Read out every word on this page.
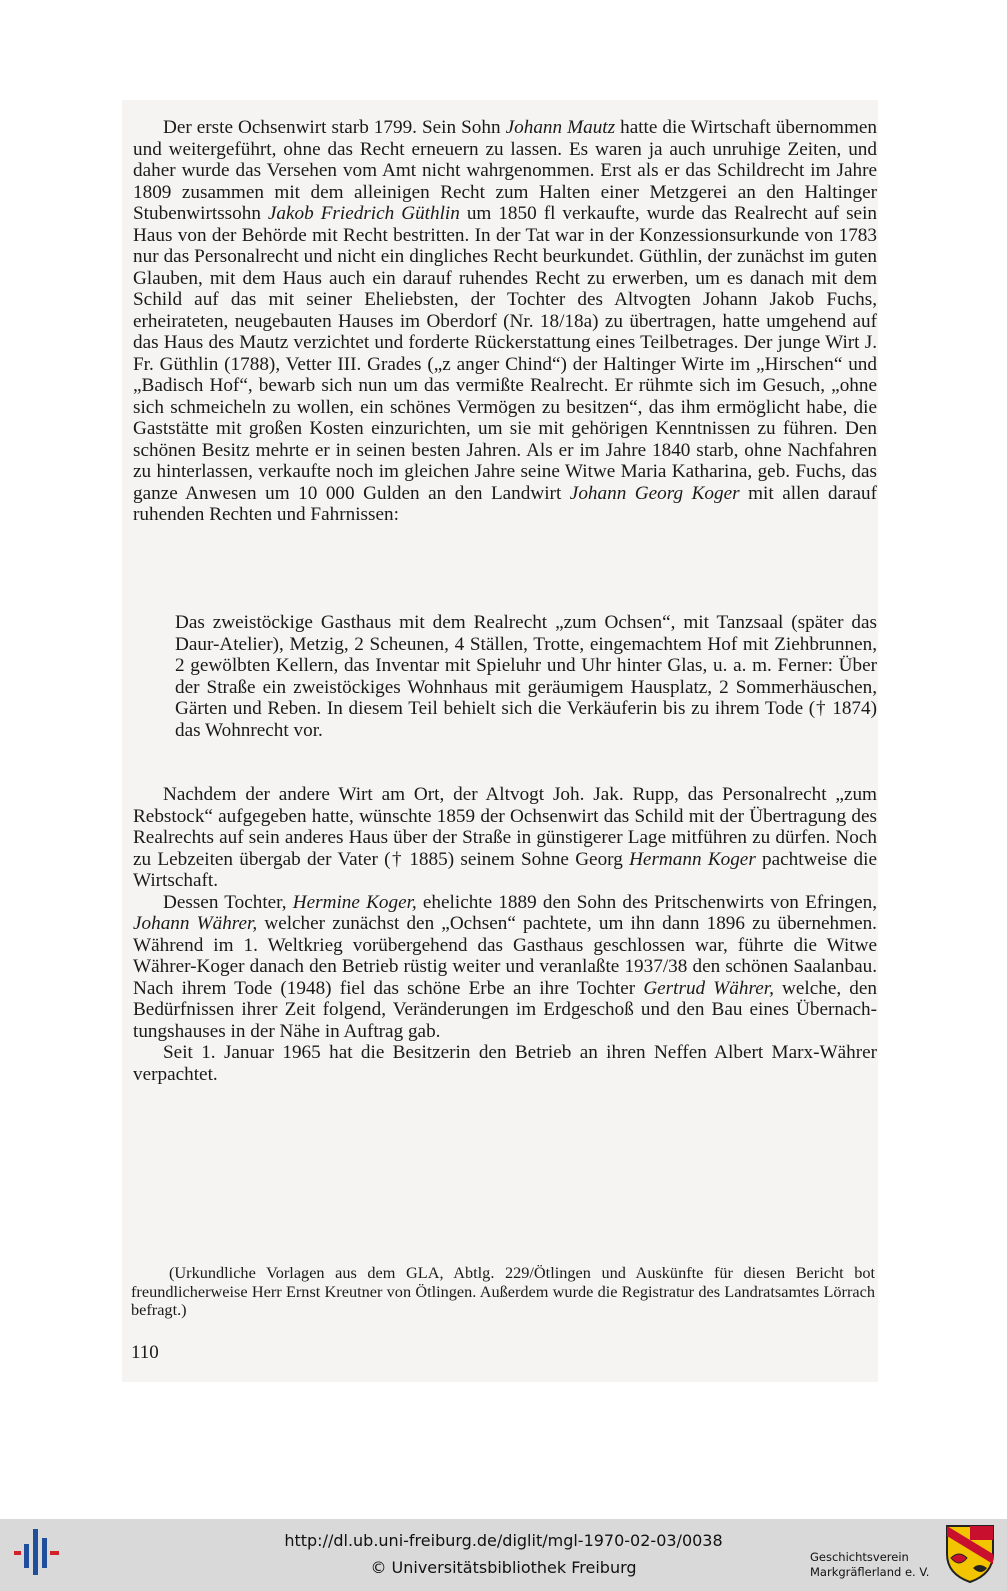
Der erste Ochsenwirt starb 1799. Sein Sohn Johann Mautz hatte die Wirtschaft übernommen und weitergeführt, ohne das Recht erneuern zu lassen. Es waren ja auch unruhige Zeiten, und daher wurde das Versehen vom Amt nicht wahrgenommen. Erst als er das Schildrecht im Jahre 1809 zusammen mit dem alleinigen Recht zum Halten einer Metzgerei an den Haltinger Stubenwirtssohn Jakob Friedrich Güthlin um 1850 fl verkaufte, wurde das Realrecht auf sein Haus von der Behörde mit Recht bestritten. In der Tat war in der Konzessionsurkunde von 1783 nur das Personalrecht und nicht ein dingliches Recht beurkundet. Güthlin, der zunächst im guten Glauben, mit dem Haus auch ein darauf ruhendes Recht zu erwerben, um es danach mit dem Schild auf das mit seiner Eheliebsten, der Tochter des Altvogten Johann Jakob Fuchs, erheirateten, neugebauten Hauses im Oberdorf (Nr. 18/18a) zu übertragen, hatte umgehend auf das Haus des Mautz verzichtet und forderte Rückerstattung eines Teilbetrages. Der junge Wirt J. Fr. Güthlin (1788), Vetter III. Grades („z anger Chind“) der Haltinger Wirte im „Hirschen“ und „Badisch Hof“, bewarb sich nun um das vermißte Realrecht. Er rühmte sich im Gesuch, „ohne sich schmeicheln zu wollen, ein schönes Vermögen zu besitzen“, das ihm ermöglicht habe, die Gaststätte mit großen Kosten einzurichten, um sie mit gehörigen Kenntnissen zu führen. Den schönen Besitz mehrte er in seinen besten Jahren. Als er im Jahre 1840 starb, ohne Nachfahren zu hinterlassen, verkaufte noch im gleichen Jahre seine Witwe Maria Katharina, geb. Fuchs, das ganze Anwesen um 10 000 Gulden an den Landwirt Johann Georg Koger mit allen darauf ruhenden Rechten und Fahrnissen:

Das zweistöckige Gasthaus mit dem Realrecht „zum Ochsen“, mit Tanzsaal (später das Daur-Atelier), Metzig, 2 Scheunen, 4 Ställen, Trotte, eingemachtem Hof mit Ziehbrunnen, 2 gewölbten Kellern, das Inventar mit Spieluhr und Uhr hinter Glas, u. a. m. Ferner: Über der Straße ein zweistöckiges Wohnhaus mit geräumigem Hausplatz, 2 Sommerhäuschen, Gärten und Reben. In diesem Teil behielt sich die Verkäuferin bis zu ihrem Tode († 1874) das Wohnrecht vor.

Nachdem der andere Wirt am Ort, der Altvogt Joh. Jak. Rupp, das Personalrecht „zum Rebstock“ aufgegeben hatte, wünschte 1859 der Ochsenwirt das Schild mit der Übertragung des Realrechts auf sein anderes Haus über der Straße in günstigerer Lage mitführen zu dürfen. Noch zu Lebzeiten übergab der Vater († 1885) seinem Sohne Georg Hermann Koger pachtweise die Wirtschaft.

Dessen Tochter, Hermine Koger, ehelichte 1889 den Sohn des Pritschenwirts von Efringen, Johann Währer, welcher zunächst den „Ochsen“ pachtete, um ihn dann 1896 zu übernehmen. Während im 1. Weltkrieg vorübergehend das Gasthaus geschlossen war, führte die Witwe Währer-Koger danach den Betrieb rüstig weiter und veranlaßte 1937/38 den schönen Saalanbau. Nach ihrem Tode (1948) fiel das schöne Erbe an ihre Tochter Gertrud Währer, welche, den Bedürfnissen ihrer Zeit folgend, Veränderungen im Erdgeschoß und den Bau eines Übernachtungshauses in der Nähe in Auftrag gab.

Seit 1. Januar 1965 hat die Besitzerin den Betrieb an ihren Neffen Albert Marx-Währer verpachtet.

(Urkundliche Vorlagen aus dem GLA, Abtlg. 229/Ötlingen und Auskünfte für diesen Bericht bot freundlicherweise Herr Ernst Kreutner von Ötlingen. Außerdem wurde die Registratur des Landratsamtes Lörrach befragt.)

110
http://dl.ub.uni-freiburg.de/diglit/mgl-1970-02-03/0038
© Universitätsbibliothek Freiburg
Geschichtsverein
Markgräflerland e. V.
